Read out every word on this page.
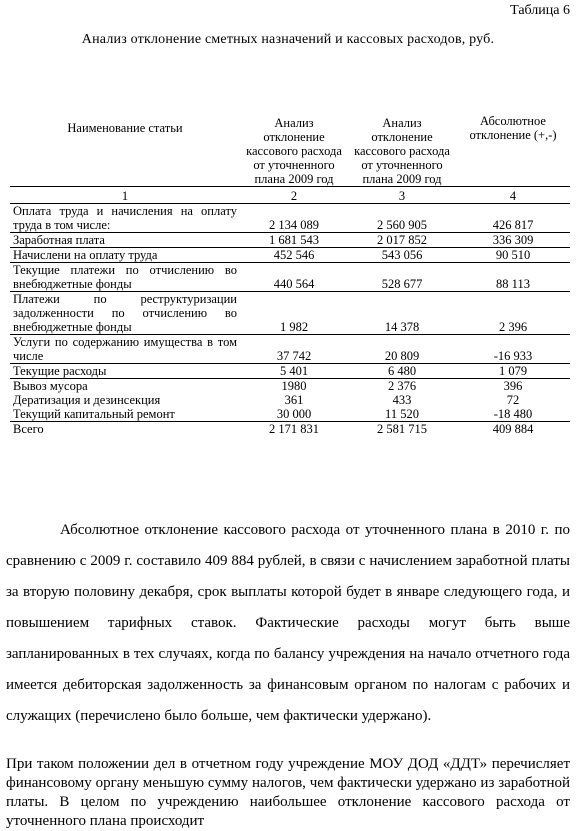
Таблица 6
Анализ отклонение сметных назначений и кассовых расходов, руб.
Наименование статьи	Анализ отклонение кассового расхода от уточненного плана 2009 год	Анализ отклонение кассового расхода от уточненного плана 2009 год	Абсолютное отклонение (+,-)
1	2	3	4
Оплата труда и начисления на оплату труда в том числе:	2 134 089	2 560 905	426 817
Заработная плата	1 681 543	2 017 852	336 309
Начислени на оплату труда	452 546	543 056	90 510
Текущие платежи по отчислению во внебюджетные фонды	440 564	528 677	88 113
Платежи по реструктуризации задолженности по отчислению во внебюджетные фонды	1 982	14 378	2 396
Услуги по содержанию имущества в том числе	37 742	20 809	-16 933
Текущие расходы	5 401	6 480	1 079
Вывоз мусора	1980	2 376	396
Дератизация и дезинсекция	361	433	72
Текущий капитальный ремонт	30 000	11 520	-18 480
Всего	2 171 831	2 581 715	409 884

Абсолютное отклонение кассового расхода от уточненного плана в 2010 г. по сравнению с 2009 г. составило 409 884 рублей, в связи с начислением заработной платы за вторую половину декабря, срок выплаты которой будет в январе следующего года, и повышением тарифных ставок. Фактические расходы могут быть выше запланированных в тех случаях, когда по балансу учреждения на начало отчетного года имеется дебиторская задолженность за финансовым органом по налогам с рабочих и служащих (перечислено было больше, чем фактически удержано).

При таком положении дел в отчетном году учреждение МОУ ДОД «ДДТ» перечисляет финансовому органу меньшую сумму налогов, чем фактически удержано из заработной платы. В целом по учреждению наибольшее отклонение кассового расхода от уточненного плана происходит
